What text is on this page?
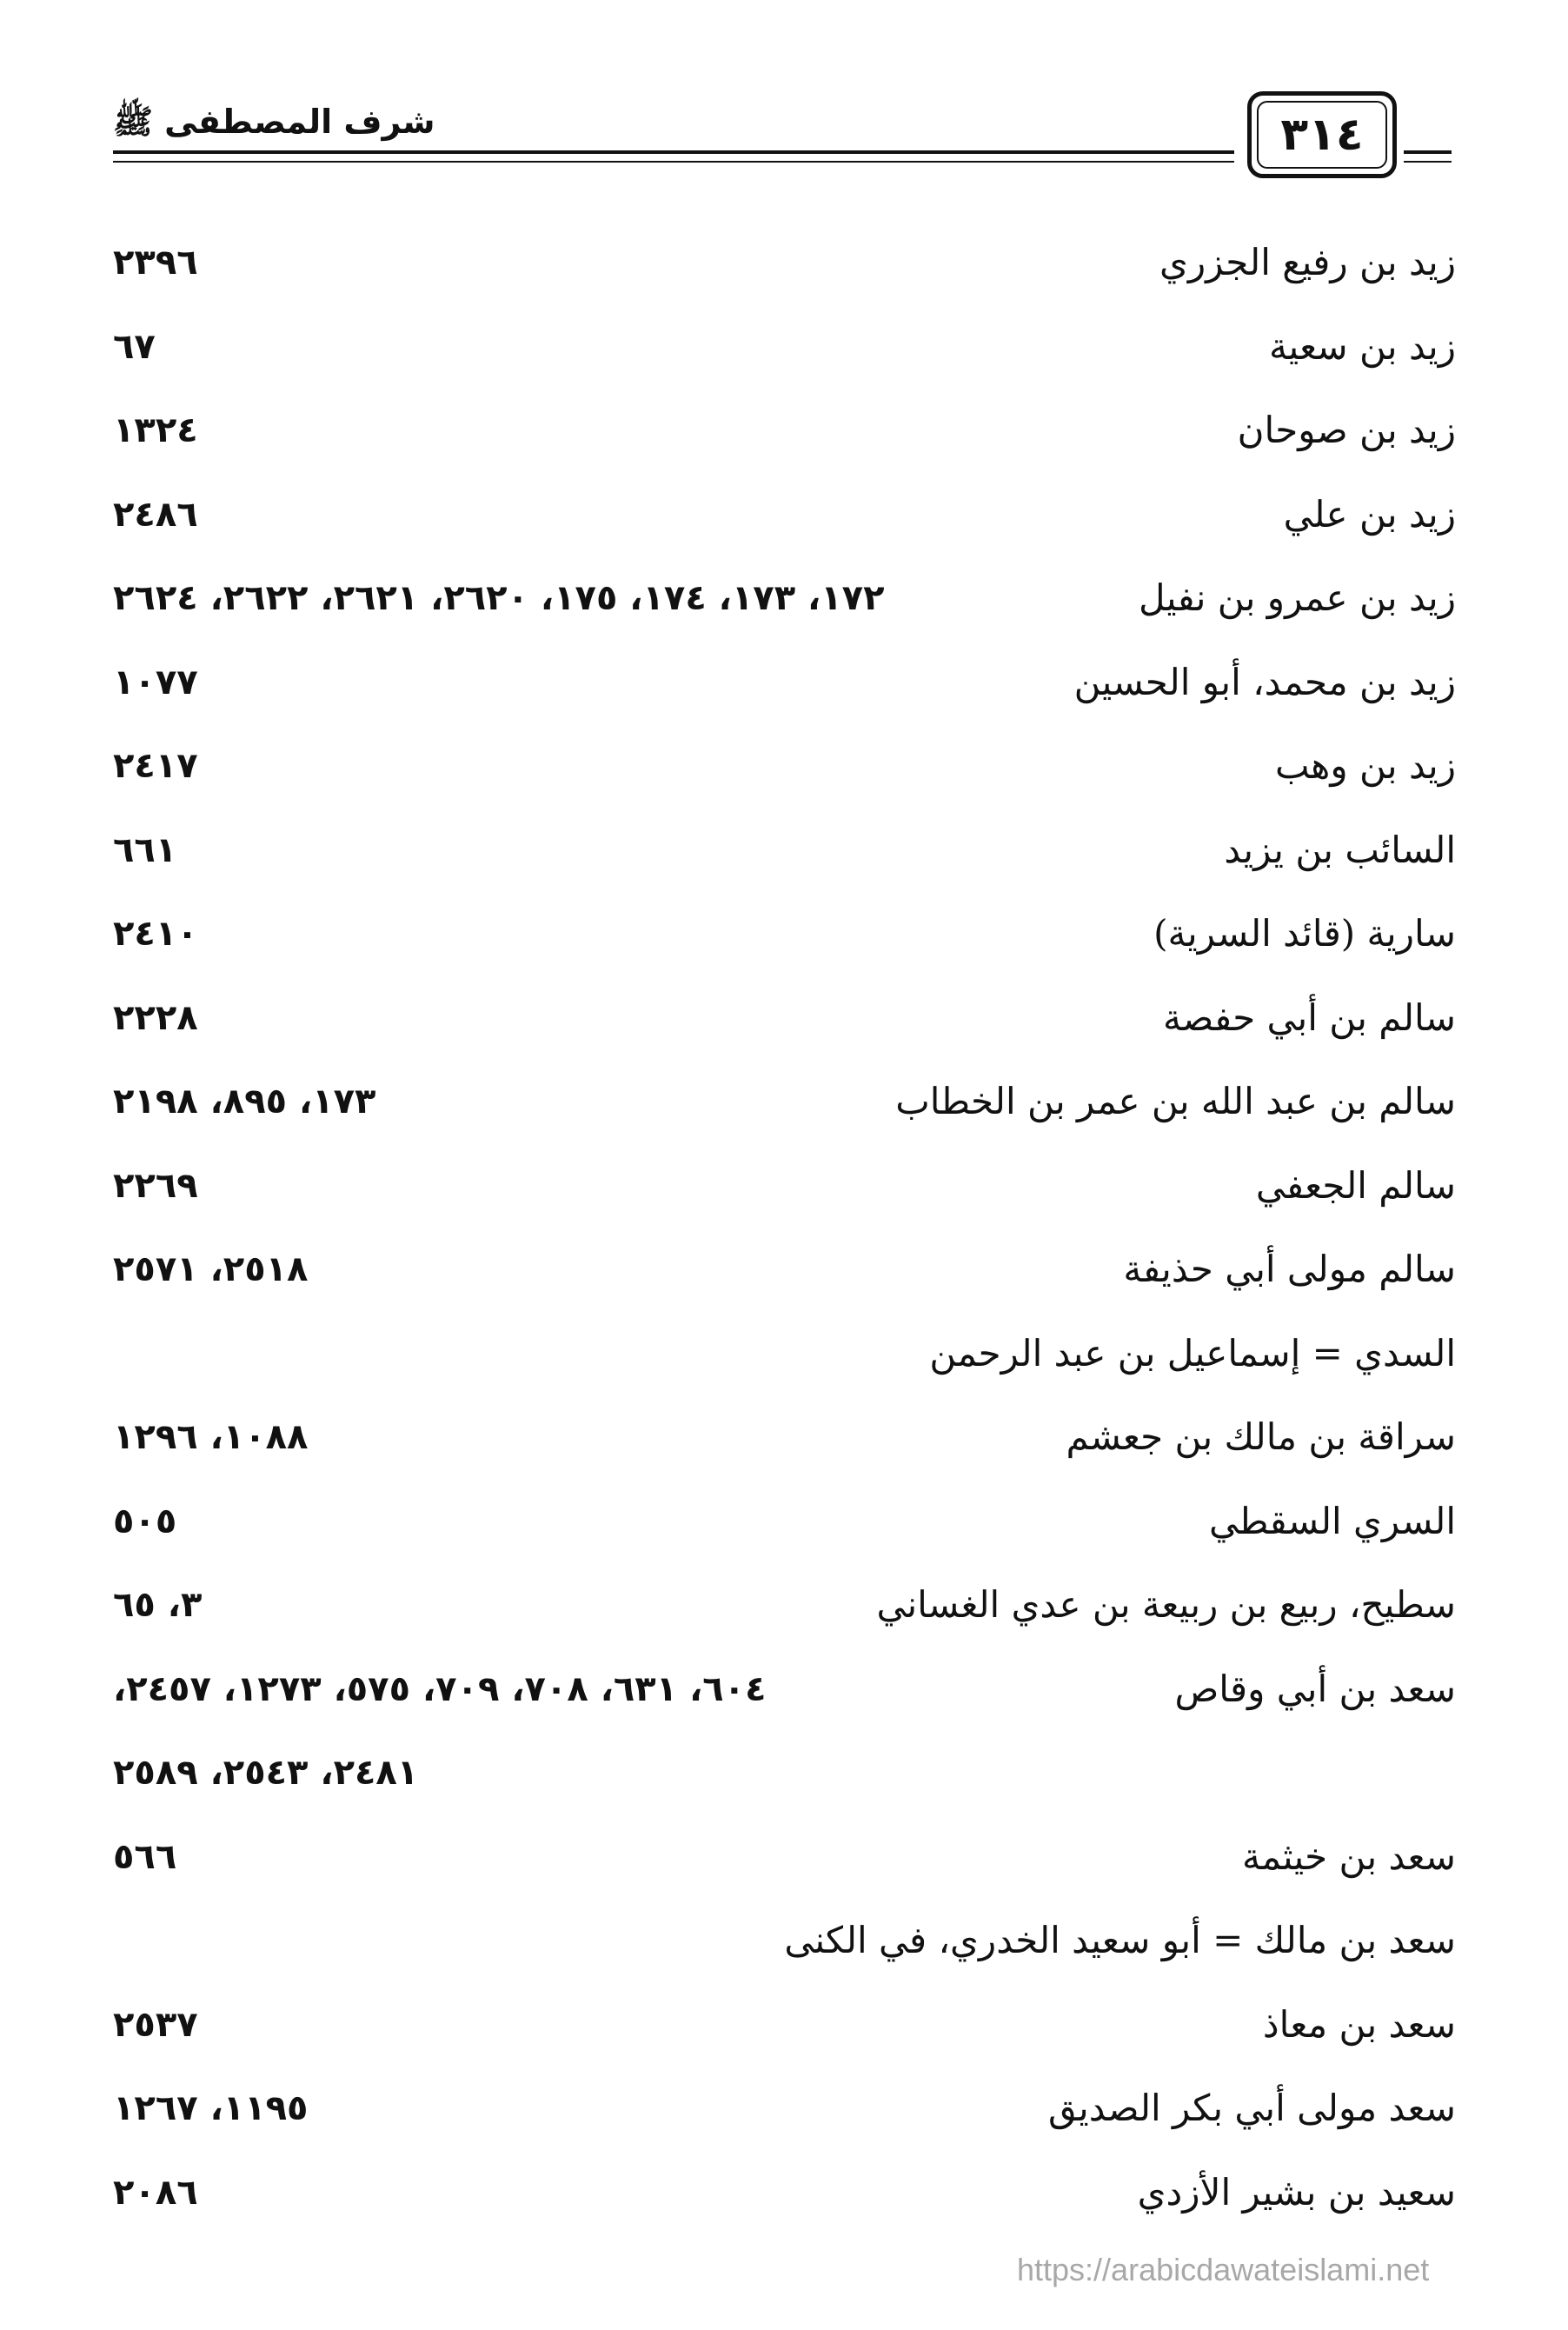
شرف المصطفى ﷺ	٣١٤
زيد بن رفيع الجزري
٢٣٩٦
زيد بن سعية
٦٧
زيد بن صوحان
١٣٢٤
زيد بن علي
٢٤٨٦
زيد بن عمرو بن نفيل
١٧٢، ١٧٣، ١٧٤، ١٧٥، ٢٦٢٠، ٢٦٢١، ٢٦٢٢، ٢٦٢٤
زيد بن محمد، أبو الحسين
١٠٧٧
زيد بن وهب
٢٤١٧
السائب بن يزيد
٦٦١
سارية (قائد السرية)
٢٤١٠
سالم بن أبي حفصة
٢٢٢٨
سالم بن عبد الله بن عمر بن الخطاب
١٧٣، ٨٩٥، ٢١٩٨
سالم الجعفي
٢٢٦٩
سالم مولى أبي حذيفة
٢٥١٨، ٢٥٧١
السدي = إسماعيل بن عبد الرحمن
سراقة بن مالك بن جعشم
١٠٨٨، ١٢٩٦
السري السقطي
٥٠٥
سطيح، ربيع بن ربيعة بن عدي الغساني
٣، ٦٥
سعد بن أبي وقاص
٦٠٤، ٦٣١، ٧٠٨، ٧٠٩، ٥٧٥، ١٢٧٣، ٢٤٥٧،
٢٤٨١، ٢٥٤٣، ٢٥٨٩
سعد بن خيثمة
٥٦٦
سعد بن مالك = أبو سعيد الخدري، في الكنى
سعد بن معاذ
٢٥٣٧
سعد مولى أبي بكر الصديق
١١٩٥، ١٢٦٧
سعيد بن بشير الأزدي
٢٠٨٦
https://arabicdawateislami.net
